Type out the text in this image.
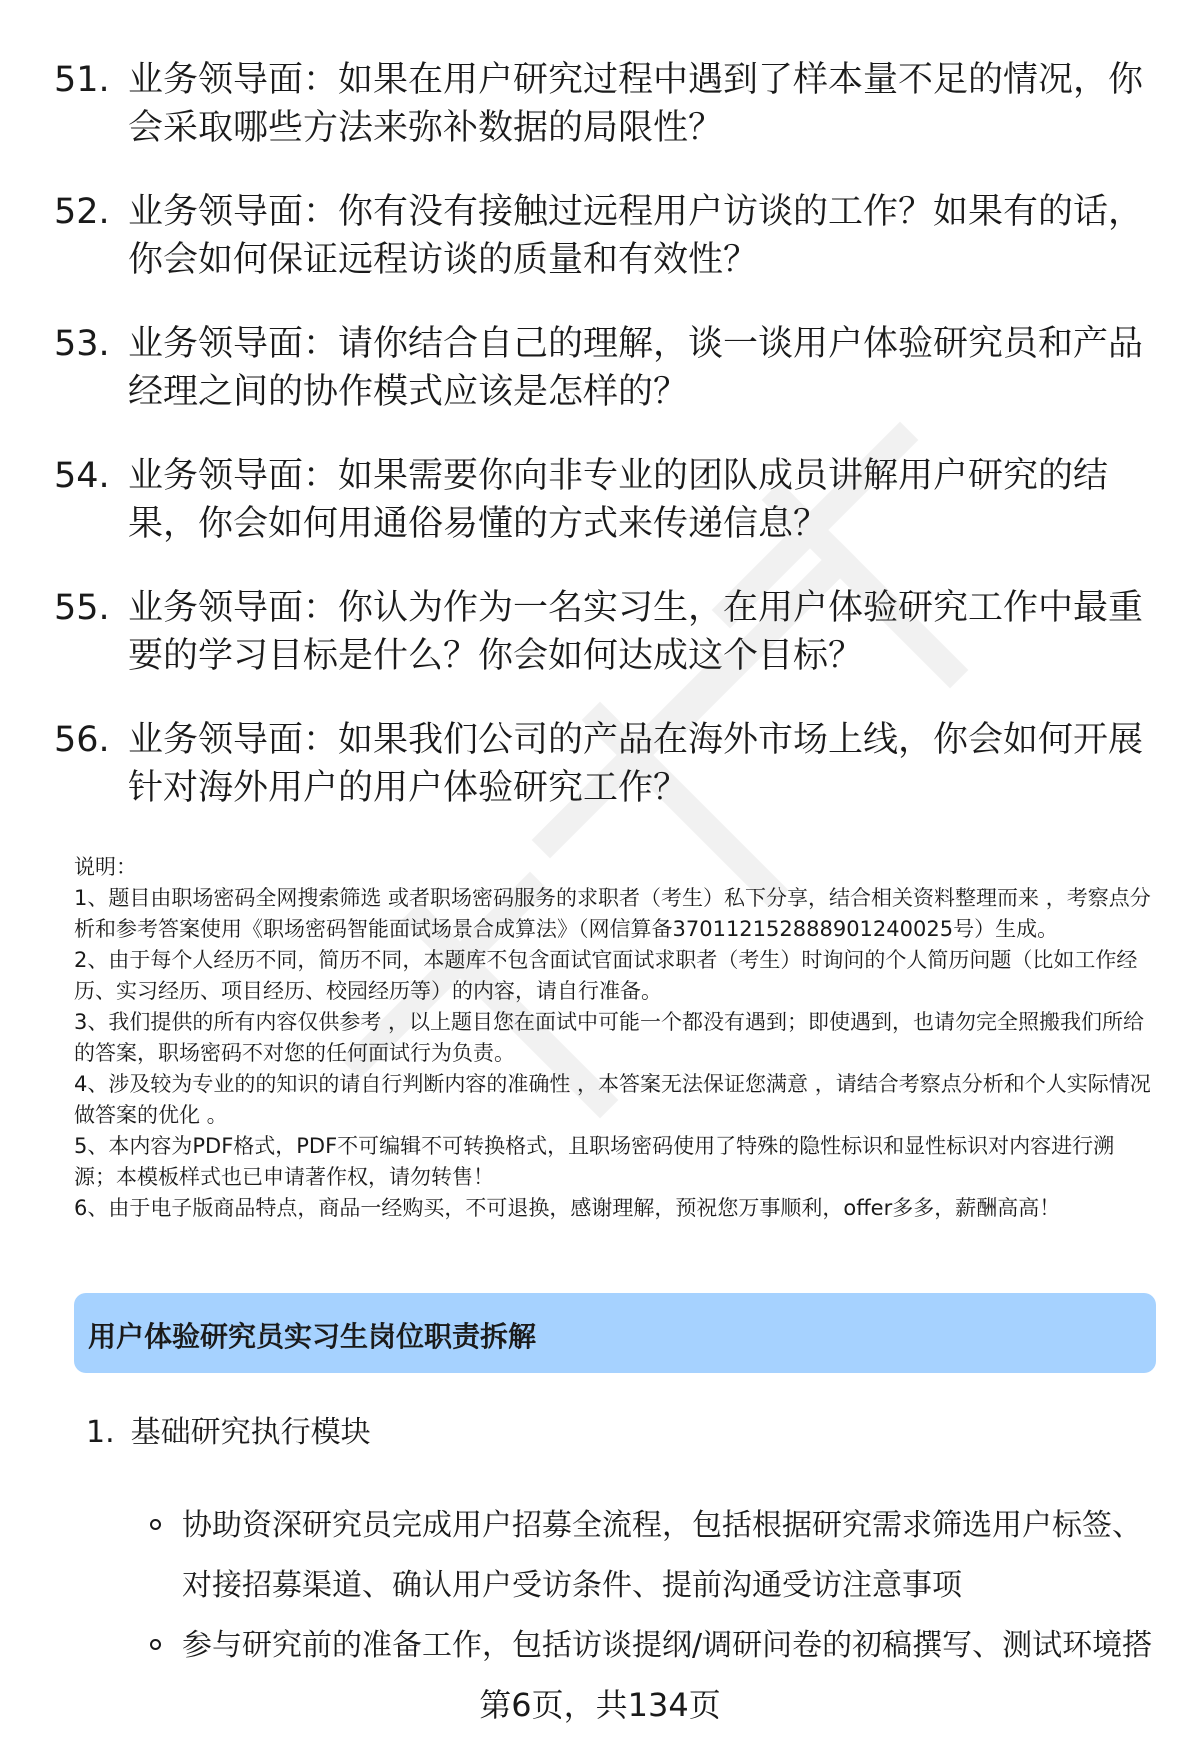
51. 业务领导面：如果在用户研究过程中遇到了样本量不足的情况，你会采取哪些方法来弥补数据的局限性？
52. 业务领导面：你有没有接触过远程用户访谈的工作？如果有的话，你会如何保证远程访谈的质量和有效性？
53. 业务领导面：请你结合自己的理解，谈一谈用户体验研究员和产品经理之间的协作模式应该是怎样的？
54. 业务领导面：如果需要你向非专业的团队成员讲解用户研究的结果，你会如何用通俗易懂的方式来传递信息？
55. 业务领导面：你认为作为一名实习生，在用户体验研究工作中最重要的学习目标是什么？你会如何达成这个目标？
56. 业务领导面：如果我们公司的产品在海外市场上线，你会如何开展针对海外用户的用户体验研究工作？

说明：

1、题目由职场密码全网搜索筛选 或者职场密码服务的求职者（考生）私下分享，结合相关资料整理而来 ，考察点分析和参考答案使用《职场密码智能面试场景合成算法》（网信算备370112152888901240025号）生成。

2、由于每个人经历不同，简历不同，本题库不包含面试官面试求职者（考生）时询问的个人简历问题（比如工作经历、实习经历、项目经历、校园经历等）的内容，请自行准备。

3、我们提供的所有内容仅供参考 ，以上题目您在面试中可能一个都没有遇到；即使遇到，也请勿完全照搬我们所给的答案，职场密码不对您的任何面试行为负责。

4、涉及较为专业的的知识的请自行判断内容的准确性 ，本答案无法保证您满意 ，请结合考察点分析和个人实际情况做答案的优化 。

5、本内容为PDF格式，PDF不可编辑不可转换格式，且职场密码使用了特殊的隐性标识和显性标识对内容进行溯源；本模板样式也已申请著作权，请勿转售！

6、由于电子版商品特点，商品一经购买，不可退换，感谢理解，预祝您万事顺利，offer多多，薪酬高高！

用户体验研究员实习生岗位职责拆解
1. 基础研究执行模块
协助资深研究员完成用户招募全流程，包括根据研究需求筛选用户标签、对接招募渠道、确认用户受访条件、提前沟通受访注意事项
参与研究前的准备工作，包括访谈提纲/调研问卷的初稿撰写、测试环境搭
第6页，共134页
